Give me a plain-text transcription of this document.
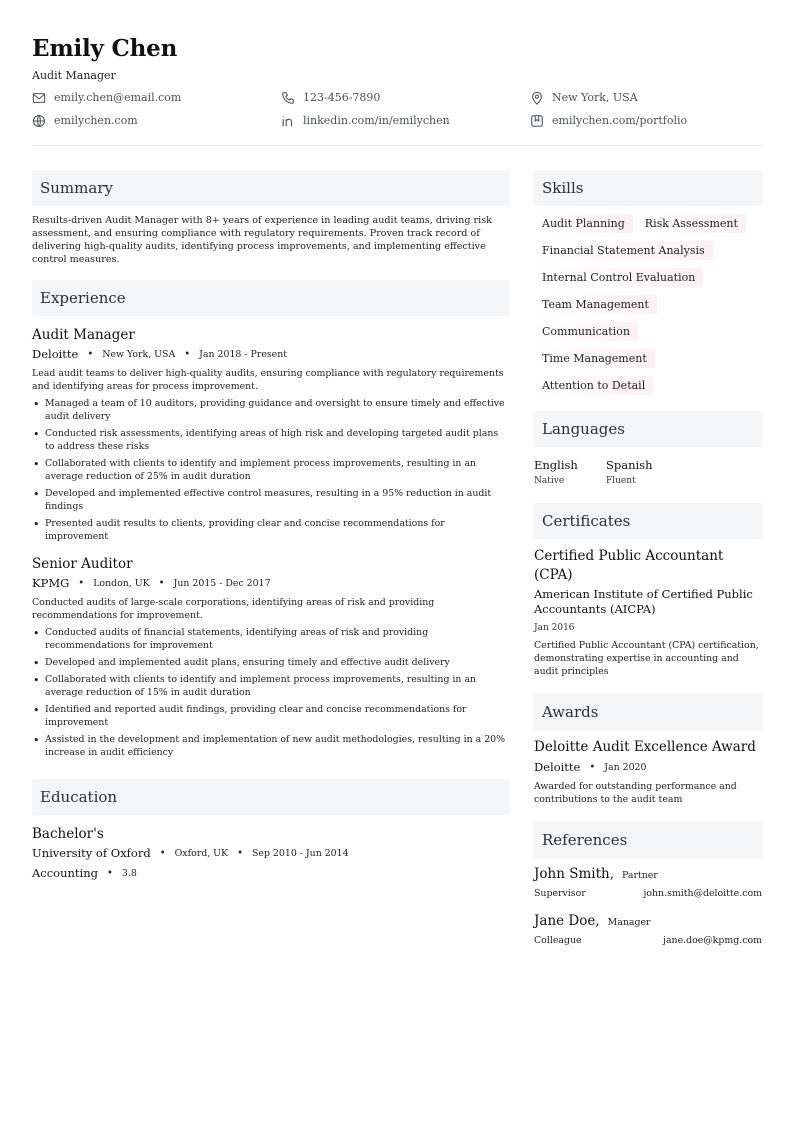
Emily Chen
Audit Manager
emily.chen@email.com	123-456-7890	New York, USA
emilychen.com	linkedin.com/in/emilychen	emilychen.com/portfolio
Summary
Results-driven Audit Manager with 8+ years of experience in leading audit teams, driving risk assessment, and ensuring compliance with regulatory requirements. Proven track record of delivering high-quality audits, identifying process improvements, and implementing effective control measures.
Experience
Audit Manager
Deloitte • New York, USA • Jan 2018 - Present
Lead audit teams to deliver high-quality audits, ensuring compliance with regulatory requirements and identifying areas for process improvement.
• Managed a team of 10 auditors, providing guidance and oversight to ensure timely and effective audit delivery
• Conducted risk assessments, identifying areas of high risk and developing targeted audit plans to address these risks
• Collaborated with clients to identify and implement process improvements, resulting in an average reduction of 25% in audit duration
• Developed and implemented effective control measures, resulting in a 95% reduction in audit findings
• Presented audit results to clients, providing clear and concise recommendations for improvement
Senior Auditor
KPMG • London, UK • Jun 2015 - Dec 2017
Conducted audits of large-scale corporations, identifying areas of risk and providing recommendations for improvement.
• Conducted audits of financial statements, identifying areas of risk and providing recommendations for improvement
• Developed and implemented audit plans, ensuring timely and effective audit delivery
• Collaborated with clients to identify and implement process improvements, resulting in an average reduction of 15% in audit duration
• Identified and reported audit findings, providing clear and concise recommendations for improvement
• Assisted in the development and implementation of new audit methodologies, resulting in a 20% increase in audit efficiency
Education
Bachelor's
University of Oxford • Oxford, UK • Sep 2010 - Jun 2014
Accounting • 3.8
Skills
Audit Planning	Risk Assessment
Financial Statement Analysis
Internal Control Evaluation
Team Management
Communication
Time Management
Attention to Detail
Languages
English
Native
Spanish
Fluent
Certificates
Certified Public Accountant (CPA)
American Institute of Certified Public Accountants (AICPA)
Jan 2016
Certified Public Accountant (CPA) certification, demonstrating expertise in accounting and audit principles
Awards
Deloitte Audit Excellence Award
Deloitte • Jan 2020
Awarded for outstanding performance and contributions to the audit team
References
John Smith, Partner
Supervisor	john.smith@deloitte.com
Jane Doe, Manager
Colleague	jane.doe@kpmg.com
